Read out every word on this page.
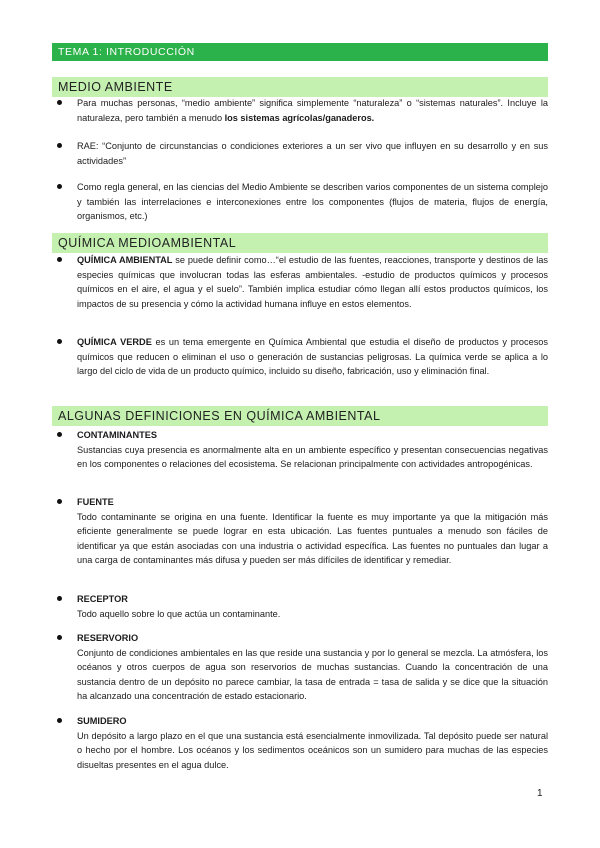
TEMA 1: INTRODUCCIÓN
MEDIO AMBIENTE
Para muchas personas, “medio ambiente” significa simplemente “naturaleza” o “sistemas naturales”. Incluye la naturaleza, pero también a menudo los sistemas agrícolas/ganaderos.
RAE: “Conjunto de circunstancias o condiciones exteriores a un ser vivo que influyen en su desarrollo y en sus actividades”
Como regla general, en las ciencias del Medio Ambiente se describen varios componentes de un sistema complejo y también las interrelaciones e interconexiones entre los componentes (flujos de materia, flujos de energía, organismos, etc.)
QUÍMICA MEDIOAMBIENTAL
QUÍMICA AMBIENTAL se puede definir como…“el estudio de las fuentes, reacciones, transporte y destinos de las especies químicas que involucran todas las esferas ambientales. -estudio de productos químicos y procesos químicos en el aire, el agua y el suelo”. También implica estudiar cómo llegan allí estos productos químicos, los impactos de su presencia y cómo la actividad humana influye en estos elementos.
QUÍMICA VERDE es un tema emergente en Química Ambiental que estudia el diseño de productos y procesos químicos que reducen o eliminan el uso o generación de sustancias peligrosas. La química verde se aplica a lo largo del ciclo de vida de un producto químico, incluido su diseño, fabricación, uso y eliminación final.
ALGUNAS DEFINICIONES EN QUÍMICA AMBIENTAL
CONTAMINANTES
Sustancias cuya presencia es anormalmente alta en un ambiente específico y presentan consecuencias negativas en los componentes o relaciones del ecosistema. Se relacionan principalmente con actividades antropogénicas.
FUENTE
Todo contaminante se origina en una fuente. Identificar la fuente es muy importante ya que la mitigación más eficiente generalmente se puede lograr en esta ubicación. Las fuentes puntuales a menudo son fáciles de identificar ya que están asociadas con una industria o actividad específica. Las fuentes no puntuales dan lugar a una carga de contaminantes más difusa y pueden ser más difíciles de identificar y remediar.
RECEPTOR
Todo aquello sobre lo que actúa un contaminante.
RESERVORIO
Conjunto de condiciones ambientales en las que reside una sustancia y por lo general se mezcla. La atmósfera, los océanos y otros cuerpos de agua son reservorios de muchas sustancias. Cuando la concentración de una sustancia dentro de un depósito no parece cambiar, la tasa de entrada = tasa de salida y se dice que la situación ha alcanzado una concentración de estado estacionario.
SUMIDERO
Un depósito a largo plazo en el que una sustancia está esencialmente inmovilizada. Tal depósito puede ser natural o hecho por el hombre. Los océanos y los sedimentos oceánicos son un sumidero para muchas de las especies disueltas presentes en el agua dulce.
1
